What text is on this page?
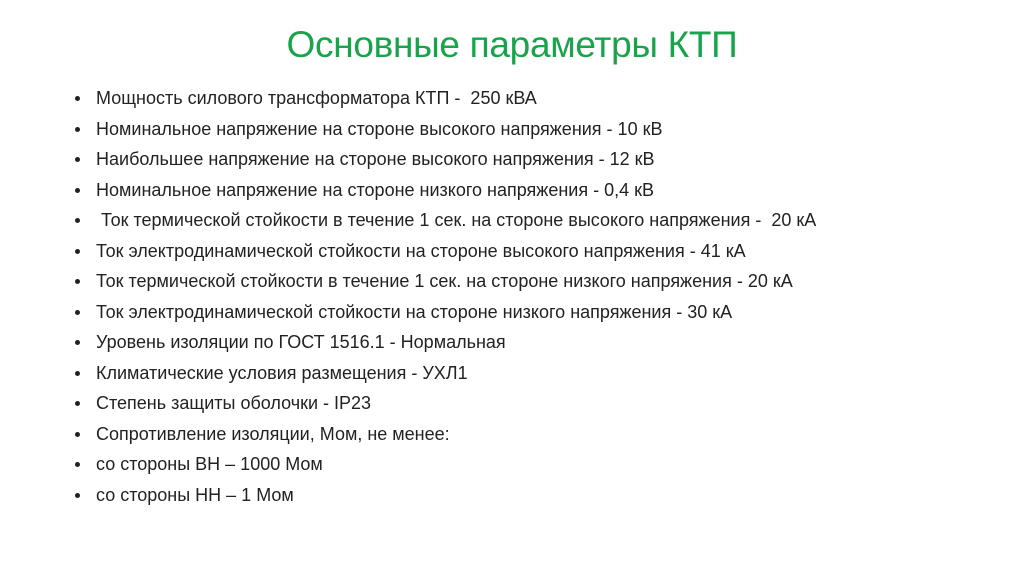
Основные параметры КТП
Мощность силового трансформатора КТП -  250 кВА
Номинальное напряжение на стороне высокого напряжения - 10 кВ
Наибольшее напряжение на стороне высокого напряжения - 12 кВ
Номинальное напряжение на стороне низкого напряжения - 0,4 кВ
Ток термической стойкости в течение 1 сек. на стороне высокого напряжения -  20 кА
Ток электродинамической стойкости на стороне высокого напряжения - 41 кА
Ток термической стойкости в течение 1 сек. на стороне низкого напряжения - 20 кА
Ток электродинамической стойкости на стороне низкого напряжения - 30 кА
Уровень изоляции по ГОСТ 1516.1 - Нормальная
Климатические условия размещения - УХЛ1
Степень защиты оболочки - IP23
Сопротивление изоляции, Мом, не менее:
со стороны ВН – 1000 Мом
со стороны НН – 1 Мом
